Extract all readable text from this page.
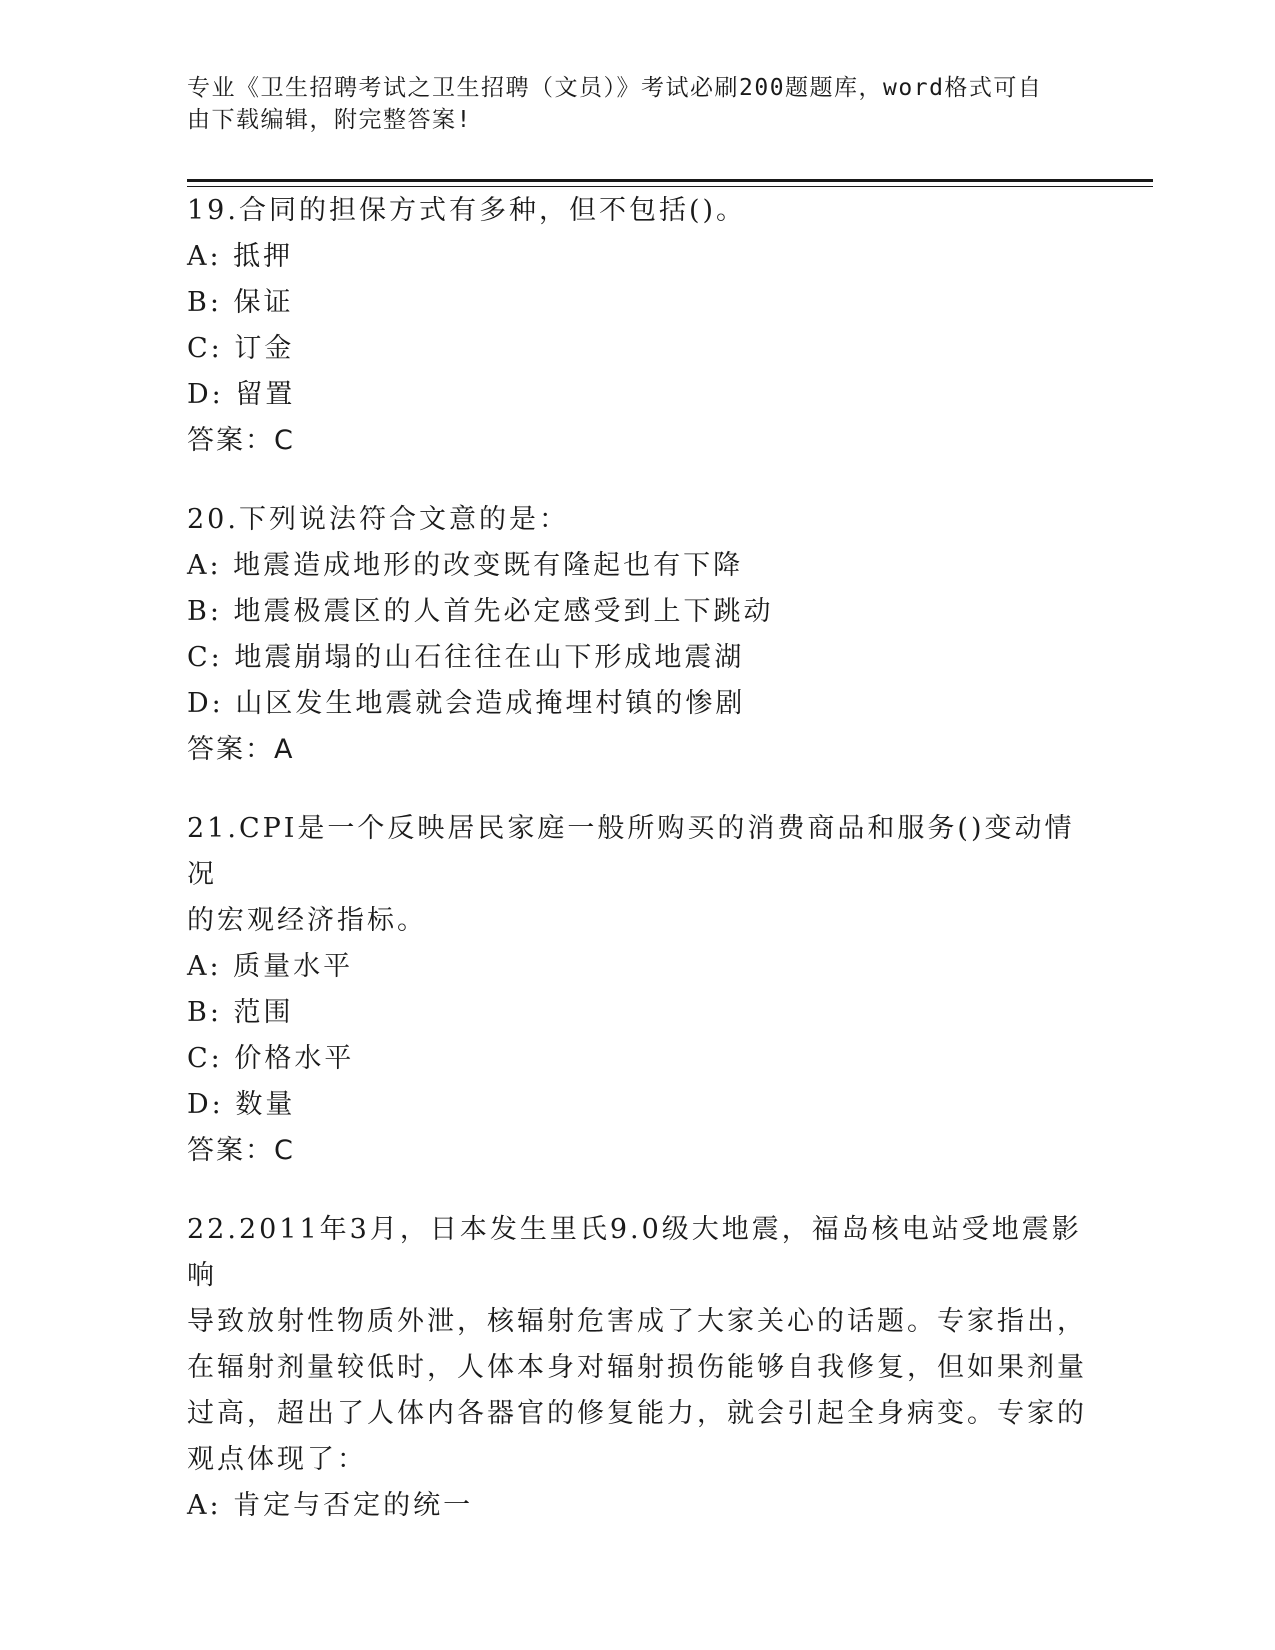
专业《卫生招聘考试之卫生招聘（文员）》考试必刷200题题库，word格式可自
由下载编辑，附完整答案!
19.合同的担保方式有多种，但不包括()。
A: 抵押
B: 保证
C: 订金
D: 留置
答案：C
20.下列说法符合文意的是：
A: 地震造成地形的改变既有隆起也有下降
B: 地震极震区的人首先必定感受到上下跳动
C: 地震崩塌的山石往往在山下形成地震湖
D: 山区发生地震就会造成掩埋村镇的惨剧
答案：A
21.CPI是一个反映居民家庭一般所购买的消费商品和服务()变动情况
的宏观经济指标。
A: 质量水平
B: 范围
C: 价格水平
D: 数量
答案：C
22.2011年3月，日本发生里氏9.0级大地震，福岛核电站受地震影响
导致放射性物质外泄，核辐射危害成了大家关心的话题。专家指出，
在辐射剂量较低时，人体本身对辐射损伤能够自我修复，但如果剂量
过高，超出了人体内各器官的修复能力，就会引起全身病变。专家的
观点体现了：
A: 肯定与否定的统一
